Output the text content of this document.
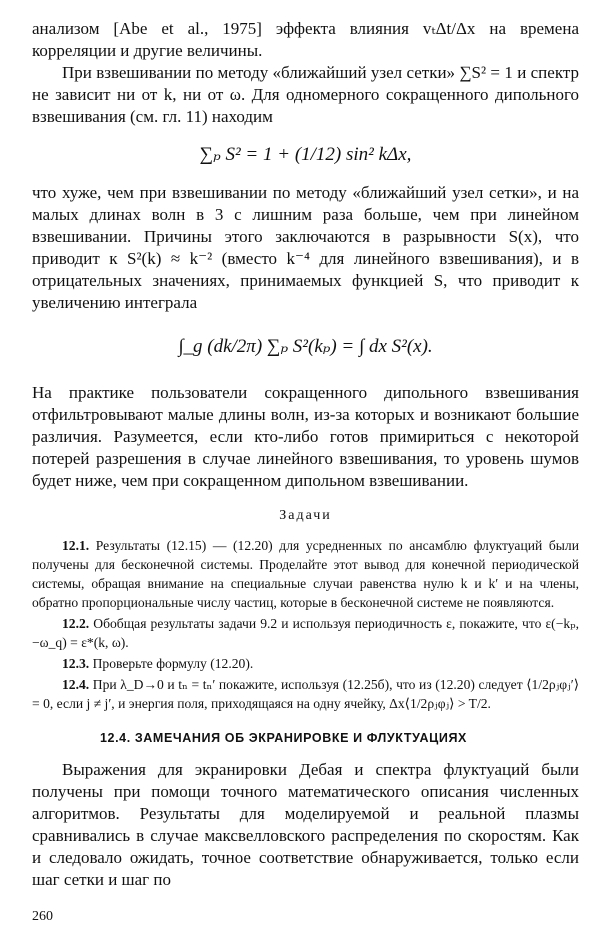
анализом [Abe et al., 1975] эффекта влияния vₜΔt/Δx на времена корреляции и другие величины.

При взвешивании по методу «ближайший узел сетки» ∑S² = 1 и спектр не зависит ни от k, ни от ω. Для одномерного сокращенного дипольного взвешивания (см. гл. 11) находим

∑ₚ S² = 1 + (1/12) sin² kΔx,

что хуже, чем при взвешивании по методу «ближайший узел сетки», и на малых длинах волн в 3 с лишним раза больше, чем при линейном взвешивании. Причины этого заключаются в разрывности S(x), что приводит к S²(k) ≈ k⁻² (вместо k⁻⁴ для линейного взвешивания), и в отрицательных значениях, принимаемых функцией S, что приводит к увеличению интеграла

∫_g (dk/2π) ∑ₚ S²(kₚ) = ∫ dx S²(x).

На практике пользователи сокращенного дипольного взвешивания отфильтровывают малые длины волн, из-за которых и возникают большие различия. Разумеется, если кто-либо готов примириться с некоторой потерей разрешения в случае линейного взвешивания, то уровень шумов будет ниже, чем при сокращенном дипольном взвешивании.

Задачи

12.1. Результаты (12.15) — (12.20) для усредненных по ансамблю флуктуаций были получены для бесконечной системы. Проделайте этот вывод для конечной периодической системы, обращая внимание на специальные случаи равенства нулю k и k′ и на члены, обратно пропорциональные числу частиц, которые в бесконечной системе не появляются.

12.2. Обобщая результаты задачи 9.2 и используя периодичность ε, покажите, что ε(−kₚ, −ω_q) = ε*(k, ω).

12.3. Проверьте формулу (12.20).

12.4. При λ_D→0 и tₙ = tₙ′ покажите, используя (12.25б), что из (12.20) следует ⟨1/2ρⱼφⱼ′⟩ = 0, если j ≠ j′, и энергия поля, приходящаяся на одну ячейку, Δx⟨1/2ρⱼφⱼ⟩ > T/2.

12.4. ЗАМЕЧАНИЯ ОБ ЭКРАНИРОВКЕ И ФЛУКТУАЦИЯХ

Выражения для экранировки Дебая и спектра флуктуаций были получены при помощи точного математического описания численных алгоритмов. Результаты для моделируемой и реальной плазмы сравнивались в случае максвелловского распределения по скоростям. Как и следовало ожидать, точное соответствие обнаруживается, только если шаг сетки и шаг по

260
